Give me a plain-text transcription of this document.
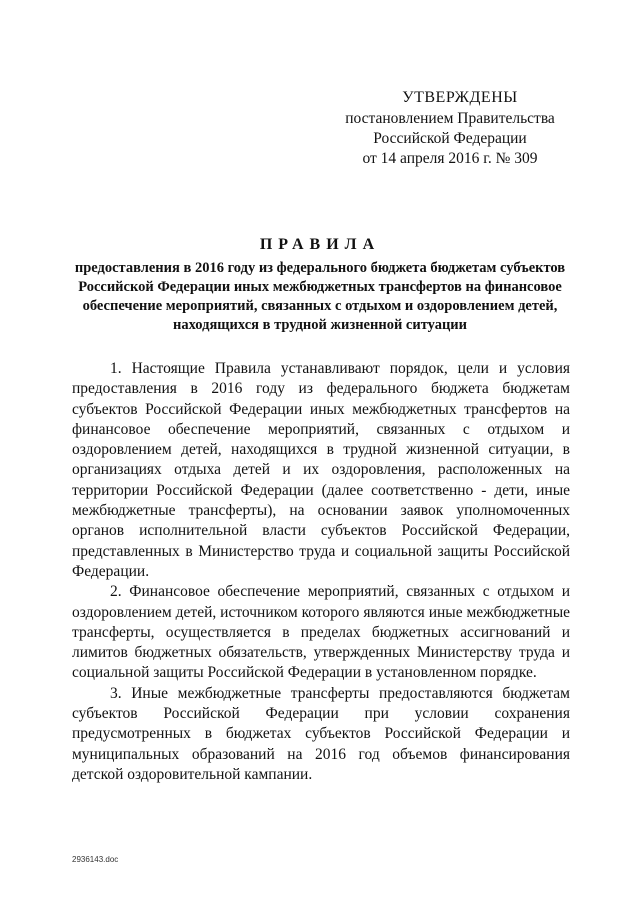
УТВЕРЖДЕНЫ
постановлением Правительства
Российской Федерации
от 14 апреля 2016 г. № 309
ПРАВИЛА
предоставления в 2016 году из федерального бюджета бюджетам субъектов Российской Федерации иных межбюджетных трансфертов на финансовое обеспечение мероприятий, связанных с отдыхом и оздоровлением детей, находящихся в трудной жизненной ситуации

1. Настоящие Правила устанавливают порядок, цели и условия предоставления в 2016 году из федерального бюджета бюджетам субъектов Российской Федерации иных межбюджетных трансфертов на финансовое обеспечение мероприятий, связанных с отдыхом и оздоровлением детей, находящихся в трудной жизненной ситуации, в организациях отдыха детей и их оздоровления, расположенных на территории Российской Федерации (далее соответственно - дети, иные межбюджетные трансферты), на основании заявок уполномоченных органов исполнительной власти субъектов Российской Федерации, представленных в Министерство труда и социальной защиты Российской Федерации.

2. Финансовое обеспечение мероприятий, связанных с отдыхом и оздоровлением детей, источником которого являются иные межбюджетные трансферты, осуществляется в пределах бюджетных ассигнований и лимитов бюджетных обязательств, утвержденных Министерству труда и социальной защиты Российской Федерации в установленном порядке.

3. Иные межбюджетные трансферты предоставляются бюджетам субъектов Российской Федерации при условии сохранения предусмотренных в бюджетах субъектов Российской Федерации и муниципальных образований на 2016 год объемов финансирования детской оздоровительной кампании.

2936143.doc
